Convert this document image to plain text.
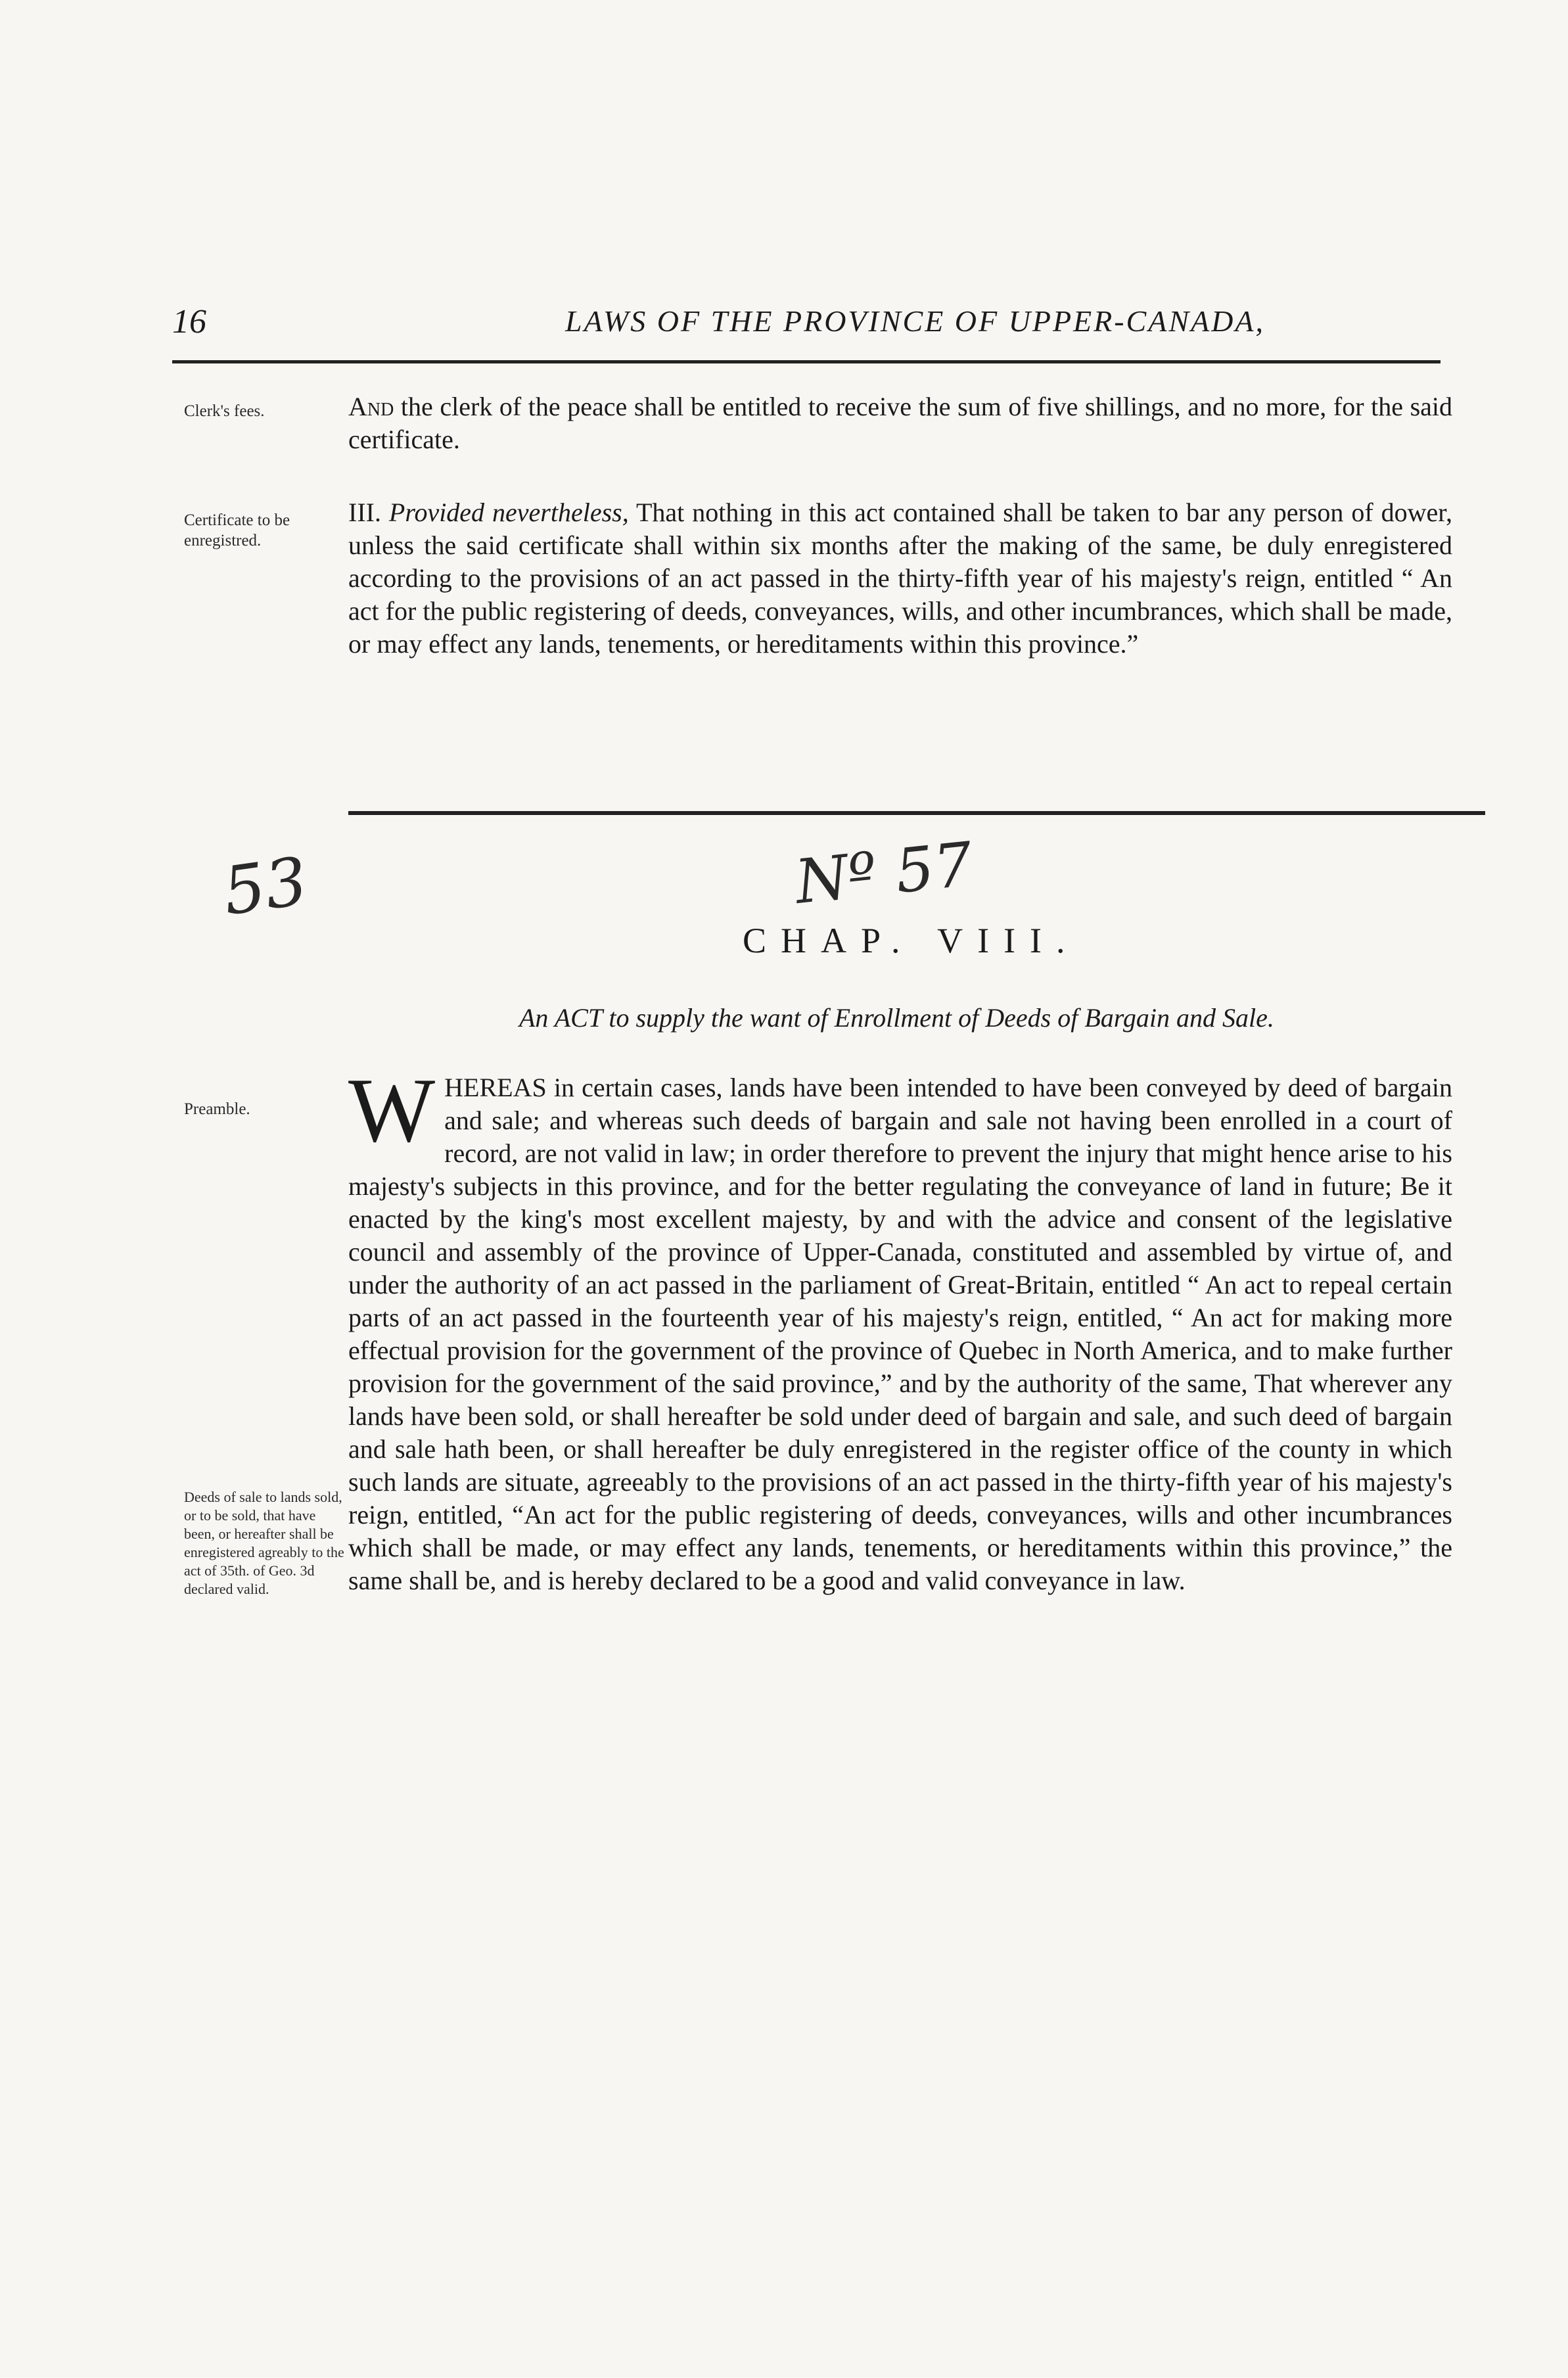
16	LAWS OF THE PROVINCE OF UPPER-CANADA,
Clerk's fees.
Certificate to be enregistred.
And the clerk of the peace shall be entitled to receive the sum of five shillings, and no more, for the said certificate.
III. Provided nevertheless, That nothing in this act contained shall be taken to bar any person of dower, unless the said certificate shall within six months after the making of the same, be duly enregistered according to the provisions of an act passed in the thirty-fifth year of his majesty's reign, entitled “ An act for the public registering of deeds, conveyances, wills, and other incumbrances, which shall be made, or may effect any lands, tenements, or hereditaments within this province.”
53	Nº 57
CHAP. VIII.
An ACT to supply the want of Enrollment of Deeds of Bargain and Sale.
Preamble.
Deeds of sale to lands sold, or to be sold, that have been, or hereafter shall be enregistered agreably to the act of 35th. of Geo. 3d declared valid.
WHEREAS in certain cases, lands have been intended to have been conveyed by deed of bargain and sale; and whereas such deeds of bargain and sale not having been enrolled in a court of record, are not valid in law; in order therefore to prevent the injury that might hence arise to his majesty's subjects in this province, and for the better regulating the conveyance of land in future; Be it enacted by the king's most excellent majesty, by and with the advice and consent of the legislative council and assembly of the province of Upper-Canada, constituted and assembled by virtue of, and under the authority of an act passed in the parliament of Great-Britain, entitled “ An act to repeal certain parts of an act passed in the fourteenth year of his majesty's reign, entitled, “ An act for making more effectual provision for the government of the province of Quebec in North America, and to make further provision for the government of the said province,” and by the authority of the same, That wherever any lands have been sold, or shall hereafter be sold under deed of bargain and sale, and such deed of bargain and sale hath been, or shall hereafter be duly enregistered in the register office of the county in which such lands are situate, agreeably to the provisions of an act passed in the thirty-fifth year of his majesty's reign, entitled, “An act for the public registering of deeds, conveyances, wills and other incumbrances which shall be made, or may effect any lands, tenements, or hereditaments within this province,” the same shall be, and is hereby declared to be a good and valid conveyance in law.
